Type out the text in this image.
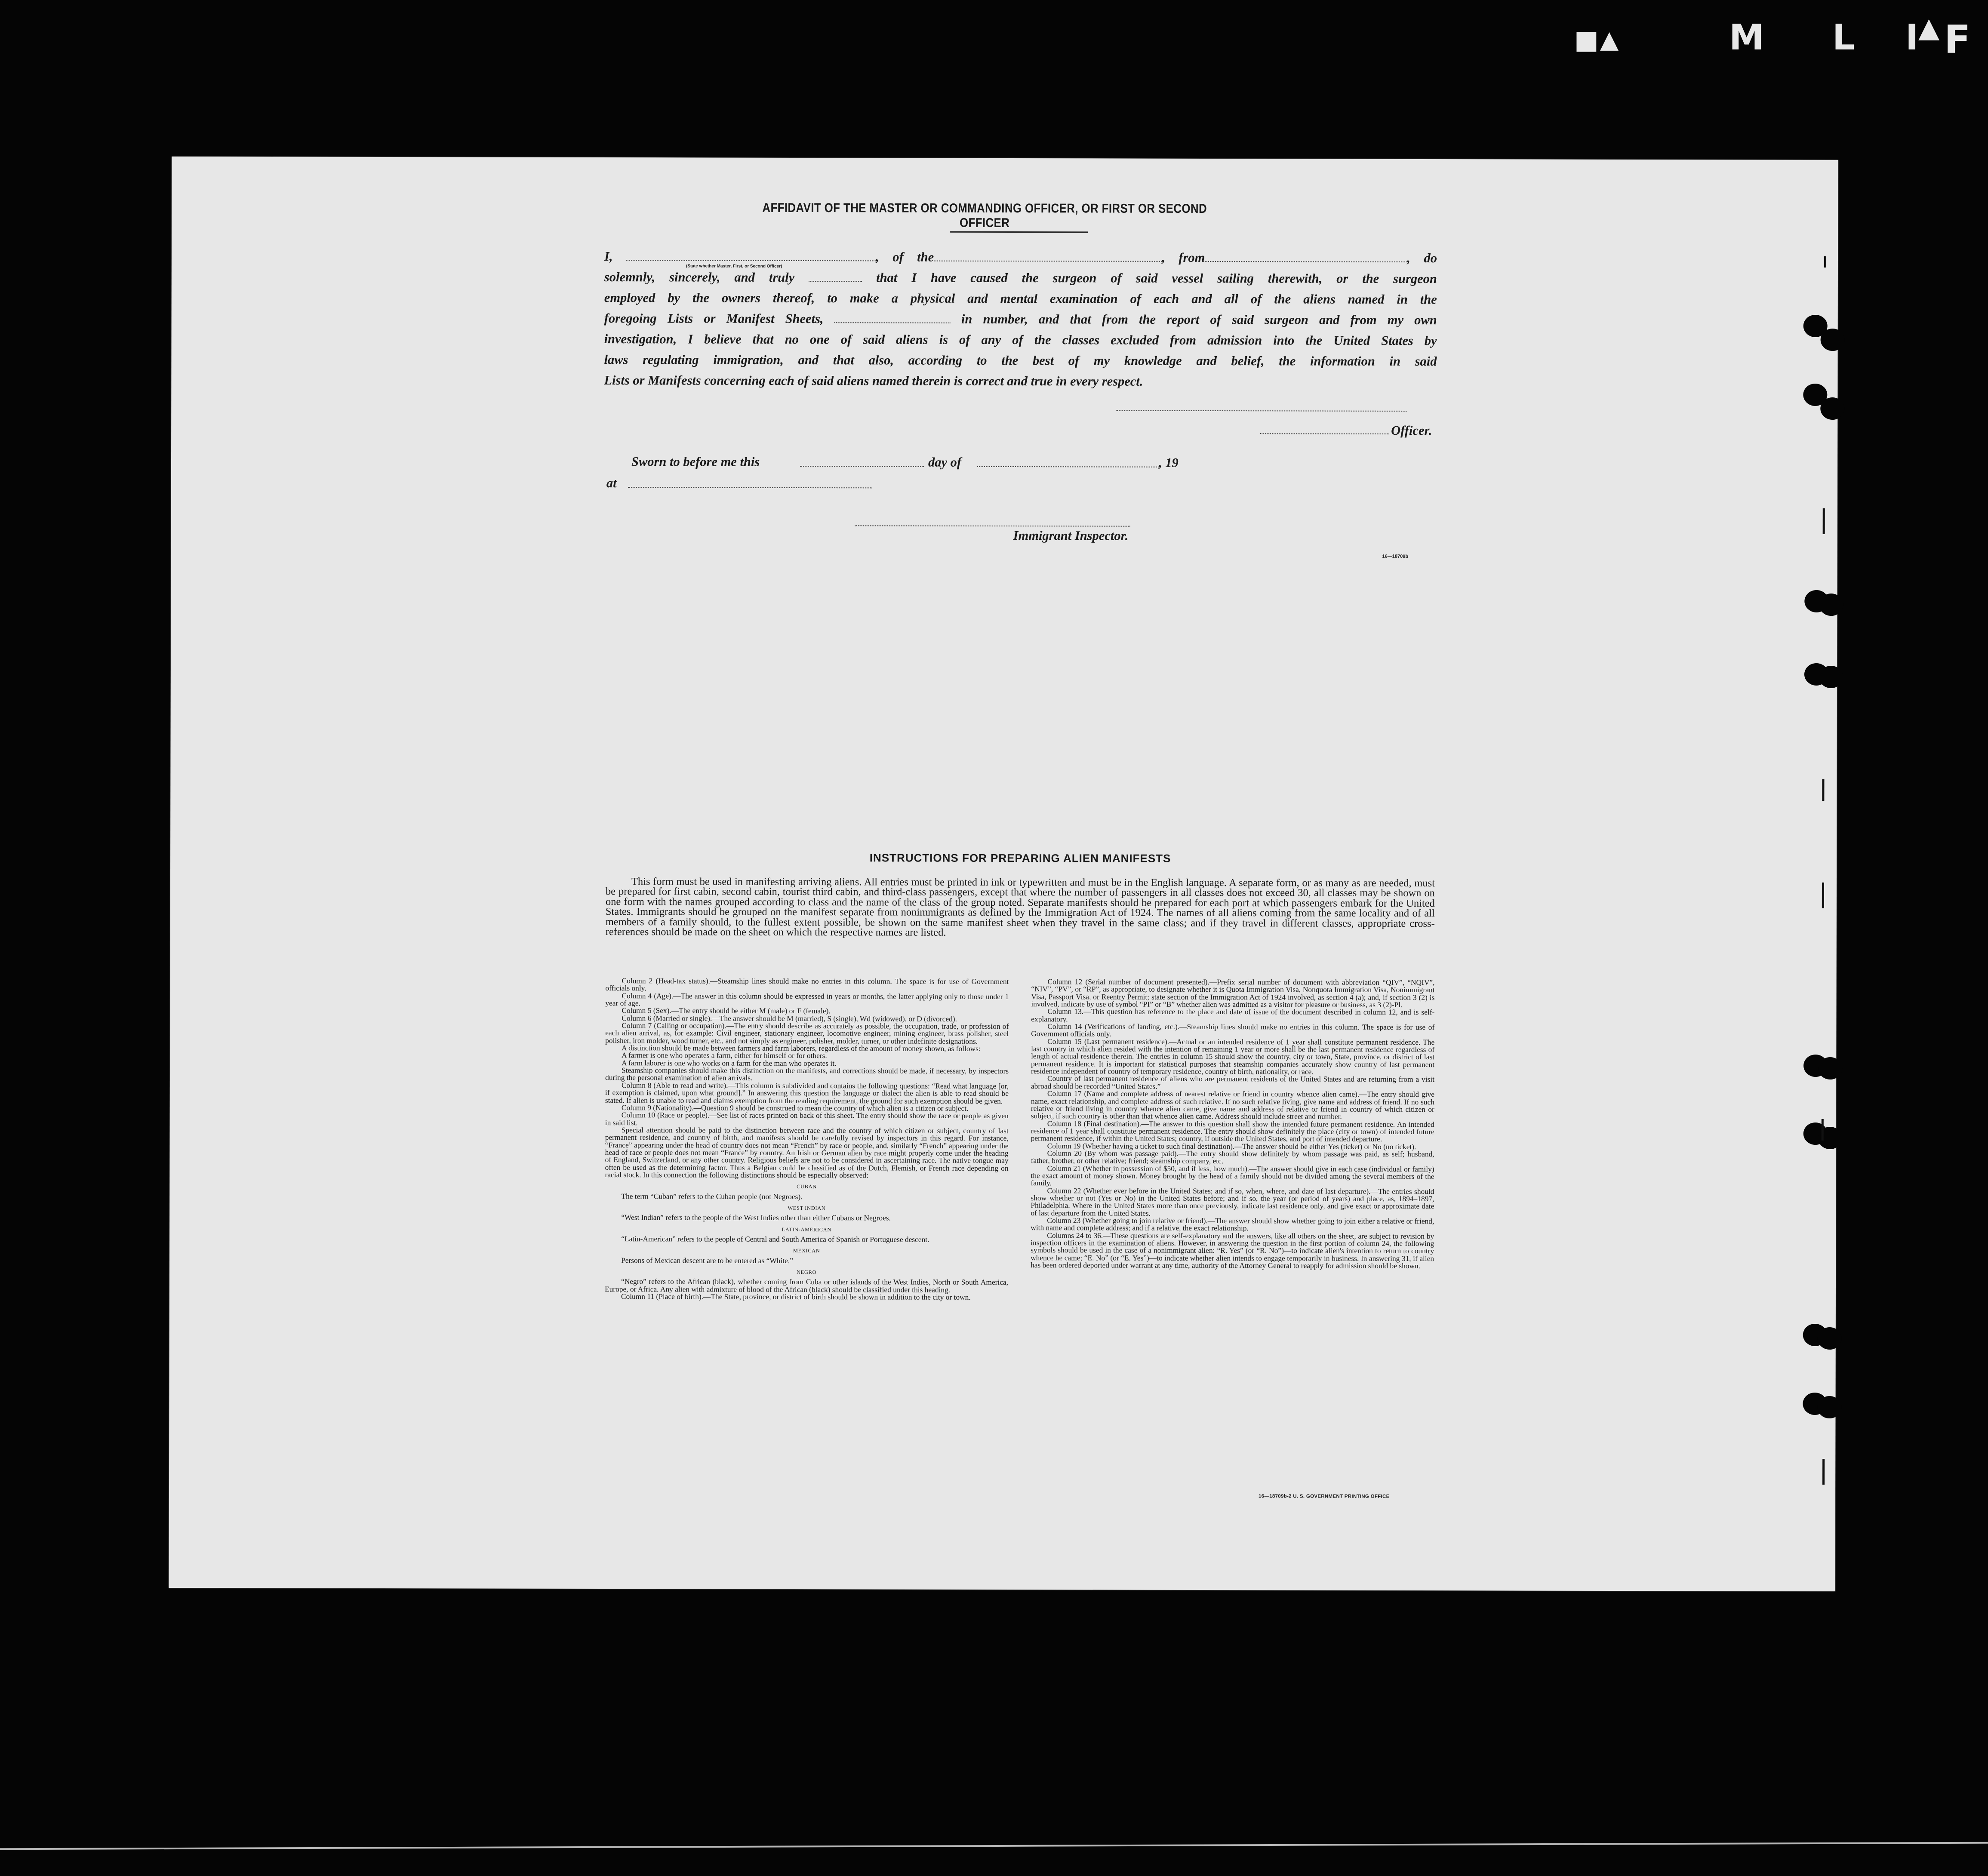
■ ▲	M L I F
▲
AFFIDAVIT OF THE MASTER OR COMMANDING OFFICER, OR FIRST OR SECOND OFFICER
I,	, of the	, from	, do
solemnly, sincerely, and truly	that I have caused the surgeon of said vessel sailing therewith, or the surgeon
employed by the owners thereof, to make a physical and mental examination of each and all of the aliens named in the
foregoing Lists or Manifest Sheets,	in number, and that from the report of said surgeon and from my own
investigation, I believe that no one of said aliens is of any of the classes excluded from admission into the United States by
laws regulating immigration, and that also, according to the best of my knowledge and belief, the information in said
Lists or Manifests concerning each of said aliens named therein is correct and true in every respect.
(State whether Master, First, or Second Officer)
Officer.
Sworn to before me this	day of	, 19
at
Immigrant Inspector.
16—18709b
INSTRUCTIONS FOR PREPARING ALIEN MANIFESTS
This form must be used in manifesting arriving aliens. All entries must be printed in ink or typewritten and must be in the English language. A separate form, or as many as are needed, must be prepared for first cabin, second cabin, tourist third cabin, and third-class passengers, except that where the number of passengers in all classes does not exceed 30, all classes may be shown on one form with the names grouped according to class and the name of the class of the group noted. Separate manifests should be prepared for each port at which passengers embark for the United States. Immigrants should be grouped on the manifest separate from nonimmigrants as defined by the Immigration Act of 1924. The names of all aliens coming from the same locality and of all members of a family should, to the fullest extent possible, be shown on the same manifest sheet when they travel in the same class; and if they travel in different classes, appropriate cross-references should be made on the sheet on which the respective names are listed.

Column 2 (Head-tax status).—Steamship lines should make no entries in this column. The space is for use of Government officials only.

Column 4 (Age).—The answer in this column should be expressed in years or months, the latter applying only to those under 1 year of age.

Column 5 (Sex).—The entry should be either M (male) or F (female).

Column 6 (Married or single).—The answer should be M (married), S (single), Wd (widowed), or D (divorced).

Column 7 (Calling or occupation).—The entry should describe as accurately as possible, the occupation, trade, or profession of each alien arrival, as, for example: Civil engineer, stationary engineer, locomotive engineer, mining engineer, brass polisher, steel polisher, iron molder, wood turner, etc., and not simply as engineer, polisher, molder, turner, or other indefinite designations.

A distinction should be made between farmers and farm laborers, regardless of the amount of money shown, as follows:

A farmer is one who operates a farm, either for himself or for others.

A farm laborer is one who works on a farm for the man who operates it.

Steamship companies should make this distinction on the manifests, and corrections should be made, if necessary, by inspectors during the personal examination of alien arrivals.

Column 8 (Able to read and write).—This column is subdivided and contains the following questions: “Read what language [or, if exemption is claimed, upon what ground].” In answering this question the language or dialect the alien is able to read should be stated. If alien is unable to read and claims exemption from the reading requirement, the ground for such exemption should be given.

Column 9 (Nationality).—Question 9 should be construed to mean the country of which alien is a citizen or subject.

Column 10 (Race or people).—See list of races printed on back of this sheet. The entry should show the race or people as given in said list.

Special attention should be paid to the distinction between race and the country of which citizen or subject, country of last permanent residence, and country of birth, and manifests should be carefully revised by inspectors in this regard. For instance, “France” appearing under the head of country does not mean “French” by race or people, and, similarly “French” appearing under the head of race or people does not mean “France” by country. An Irish or German alien by race might properly come under the heading of England, Switzerland, or any other country. Religious beliefs are not to be considered in ascertaining race. The native tongue may often be used as the determining factor. Thus a Belgian could be classified as of the Dutch, Flemish, or French race depending on racial stock. In this connection the following distinctions should be especially observed:

CUBAN

The term “Cuban” refers to the Cuban people (not Negroes).

WEST INDIAN

“West Indian” refers to the people of the West Indies other than either Cubans or Negroes.

LATIN-AMERICAN

“Latin-American” refers to the people of Central and South America of Spanish or Portuguese descent.

MEXICAN

Persons of Mexican descent are to be entered as “White.”

NEGRO

“Negro” refers to the African (black), whether coming from Cuba or other islands of the West Indies, North or South America, Europe, or Africa. Any alien with admixture of blood of the African (black) should be classified under this heading.

Column 11 (Place of birth).—The State, province, or district of birth should be shown in addition to the city or town.

Column 12 (Serial number of document presented).—Prefix serial number of document with abbreviation “QIV”, “NQIV”, “NIV”, “PV”, or “RP”, as appropriate, to designate whether it is Quota Immigration Visa, Nonquota Immigration Visa, Nonimmigrant Visa, Passport Visa, or Reentry Permit; state section of the Immigration Act of 1924 involved, as section 4 (a); and, if section 3 (2) is involved, indicate by use of symbol “PI” or “B” whether alien was admitted as a visitor for pleasure or business, as 3 (2)-Pl.

Column 13.—This question has reference to the place and date of issue of the document described in column 12, and is self-explanatory.

Column 14 (Verifications of landing, etc.).—Steamship lines should make no entries in this column. The space is for use of Government officials only.

Column 15 (Last permanent residence).—Actual or an intended residence of 1 year shall constitute permanent residence. The last country in which alien resided with the intention of remaining 1 year or more shall be the last permanent residence regardless of length of actual residence therein. The entries in column 15 should show the country, city or town, State, province, or district of last permanent residence. It is important for statistical purposes that steamship companies accurately show country of last permanent residence independent of country of temporary residence, country of birth, nationality, or race.

Country of last permanent residence of aliens who are permanent residents of the United States and are returning from a visit abroad should be recorded “United States.”

Column 17 (Name and complete address of nearest relative or friend in country whence alien came).—The entry should give name, exact relationship, and complete address of such relative. If no such relative living, give name and address of friend. If no such relative or friend living in country whence alien came, give name and address of relative or friend in country of which citizen or subject, if such country is other than that whence alien came. Address should include street and number.

Column 18 (Final destination).—The answer to this question shall show the intended future permanent residence. An intended residence of 1 year shall constitute permanent residence. The entry should show definitely the place (city or town) of intended future permanent residence, if within the United States; country, if outside the United States, and port of intended departure.

Column 19 (Whether having a ticket to such final destination).—The answer should be either Yes (ticket) or No (no ticket).

Column 20 (By whom was passage paid).—The entry should show definitely by whom passage was paid, as self; husband, father, brother, or other relative; friend; steamship company, etc.

Column 21 (Whether in possession of $50, and if less, how much).—The answer should give in each case (individual or family) the exact amount of money shown. Money brought by the head of a family should not be divided among the several members of the family.

Column 22 (Whether ever before in the United States; and if so, when, where, and date of last departure).—The entries should show whether or not (Yes or No) in the United States before; and if so, the year (or period of years) and place, as, 1894–1897, Philadelphia. Where in the United States more than once previously, indicate last residence only, and give exact or approximate date of last departure from the United States.

Column 23 (Whether going to join relative or friend).—The answer should show whether going to join either a relative or friend, with name and complete address; and if a relative, the exact relationship.

Columns 24 to 36.—These questions are self-explanatory and the answers, like all others on the sheet, are subject to revision by inspection officers in the examination of aliens. However, in answering the question in the first portion of column 24, the following symbols should be used in the case of a nonimmigrant alien: “R. Yes” (or “R. No”)—to indicate alien's intention to return to country whence he came; “E. No” (or “E. Yes”)—to indicate whether alien intends to engage temporarily in business. In answering 31, if alien has been ordered deported under warrant at any time, authority of the Attorney General to reapply for admission should be shown.

16—18709b-2 U. S. GOVERNMENT PRINTING OFFICE
